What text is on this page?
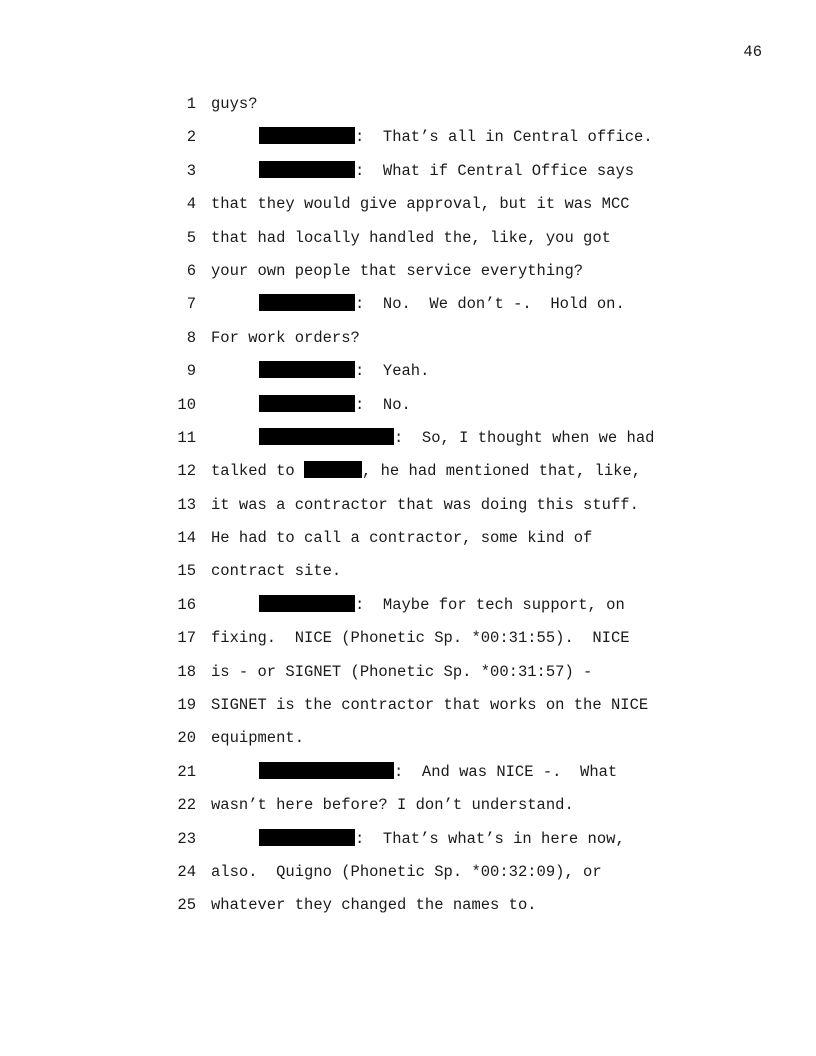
46
1 guys?
2	:  That’s all in Central office.
3	:  What if Central Office says
4 that they would give approval, but it was MCC
5 that had locally handled the, like, you got
6 your own people that service everything?
7	:  No.  We don’t -.  Hold on.
8 For work orders?
9	:  Yeah.
10	:  No.
11	:  So, I thought when we had
12 talked to	, he had mentioned that, like,
13 it was a contractor that was doing this stuff.
14 He had to call a contractor, some kind of
15 contract site.
16	:  Maybe for tech support, on
17 fixing.  NICE (Phonetic Sp. *00:31:55).  NICE
18 is - or SIGNET (Phonetic Sp. *00:31:57) -
19 SIGNET is the contractor that works on the NICE
20 equipment.
21	:  And was NICE -.  What
22 wasn’t here before? I don’t understand.
23	:  That’s what’s in here now,
24 also.  Quigno (Phonetic Sp. *00:32:09), or
25 whatever they changed the names to.
